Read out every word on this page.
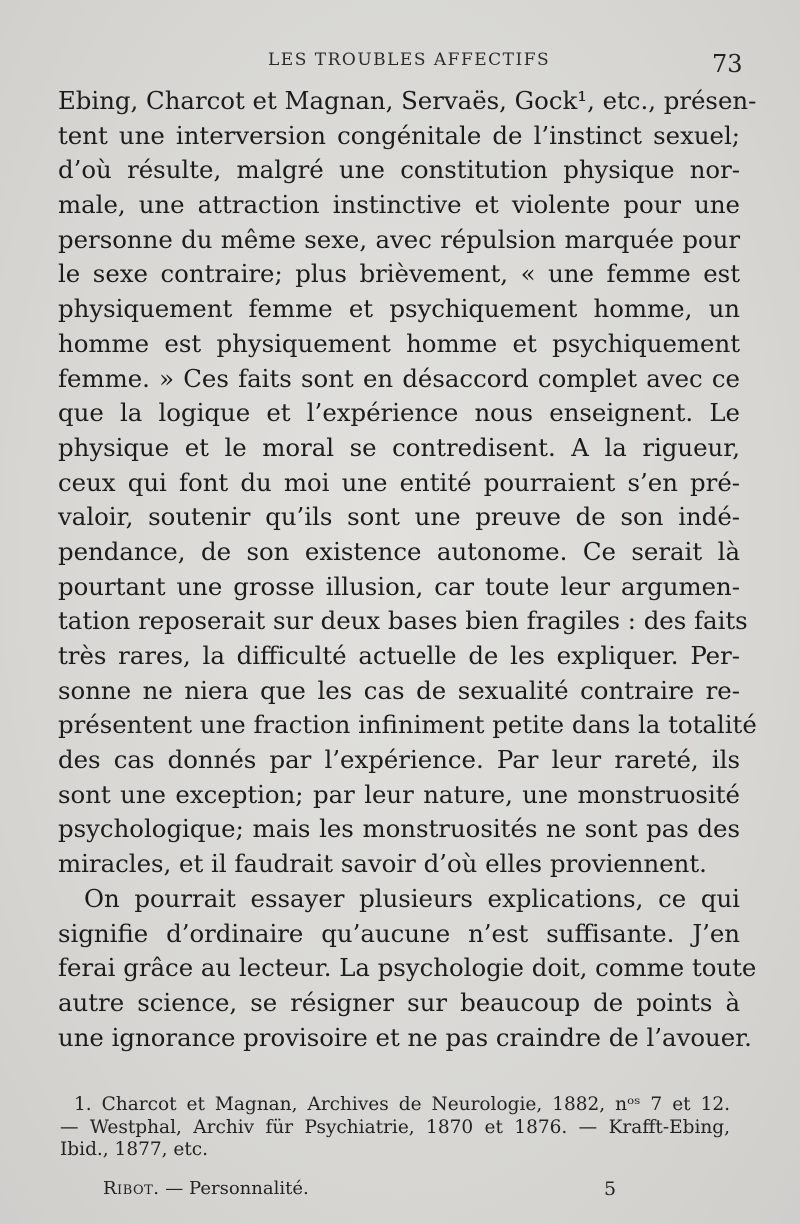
LES TROUBLES AFFECTIFS	73
Ebing, Charcot et Magnan, Servaës, Gock¹, etc., présen-
tent une interversion congénitale de l’instinct sexuel;
d’où résulte, malgré une constitution physique nor-
male, une attraction instinctive et violente pour une
personne du même sexe, avec répulsion marquée pour
le sexe contraire; plus brièvement, « une femme est
physiquement femme et psychiquement homme, un
homme est physiquement homme et psychiquement
femme. » Ces faits sont en désaccord complet avec ce
que la logique et l’expérience nous enseignent. Le
physique et le moral se contredisent. A la rigueur,
ceux qui font du moi une entité pourraient s’en pré-
valoir, soutenir qu’ils sont une preuve de son indé-
pendance, de son existence autonome. Ce serait là
pourtant une grosse illusion, car toute leur argumen-
tation reposerait sur deux bases bien fragiles : des faits
très rares, la difficulté actuelle de les expliquer. Per-
sonne ne niera que les cas de sexualité contraire re-
présentent une fraction infiniment petite dans la totalité
des cas donnés par l’expérience. Par leur rareté, ils
sont une exception; par leur nature, une monstruosité
psychologique; mais les monstruosités ne sont pas des
miracles, et il faudrait savoir d’où elles proviennent.
On pourrait essayer plusieurs explications, ce qui
signifie d’ordinaire qu’aucune n’est suffisante. J’en
ferai grâce au lecteur. La psychologie doit, comme toute
autre science, se résigner sur beaucoup de points à
une ignorance provisoire et ne pas craindre de l’avouer.
1. Charcot et Magnan, Archives de Neurologie, 1882, nᵒˢ 7 et 12.
— Westphal, Archiv für Psychiatrie, 1870 et 1876. — Krafft-Ebing,
Ibid., 1877, etc.
Ribot. — Personnalité.	5
